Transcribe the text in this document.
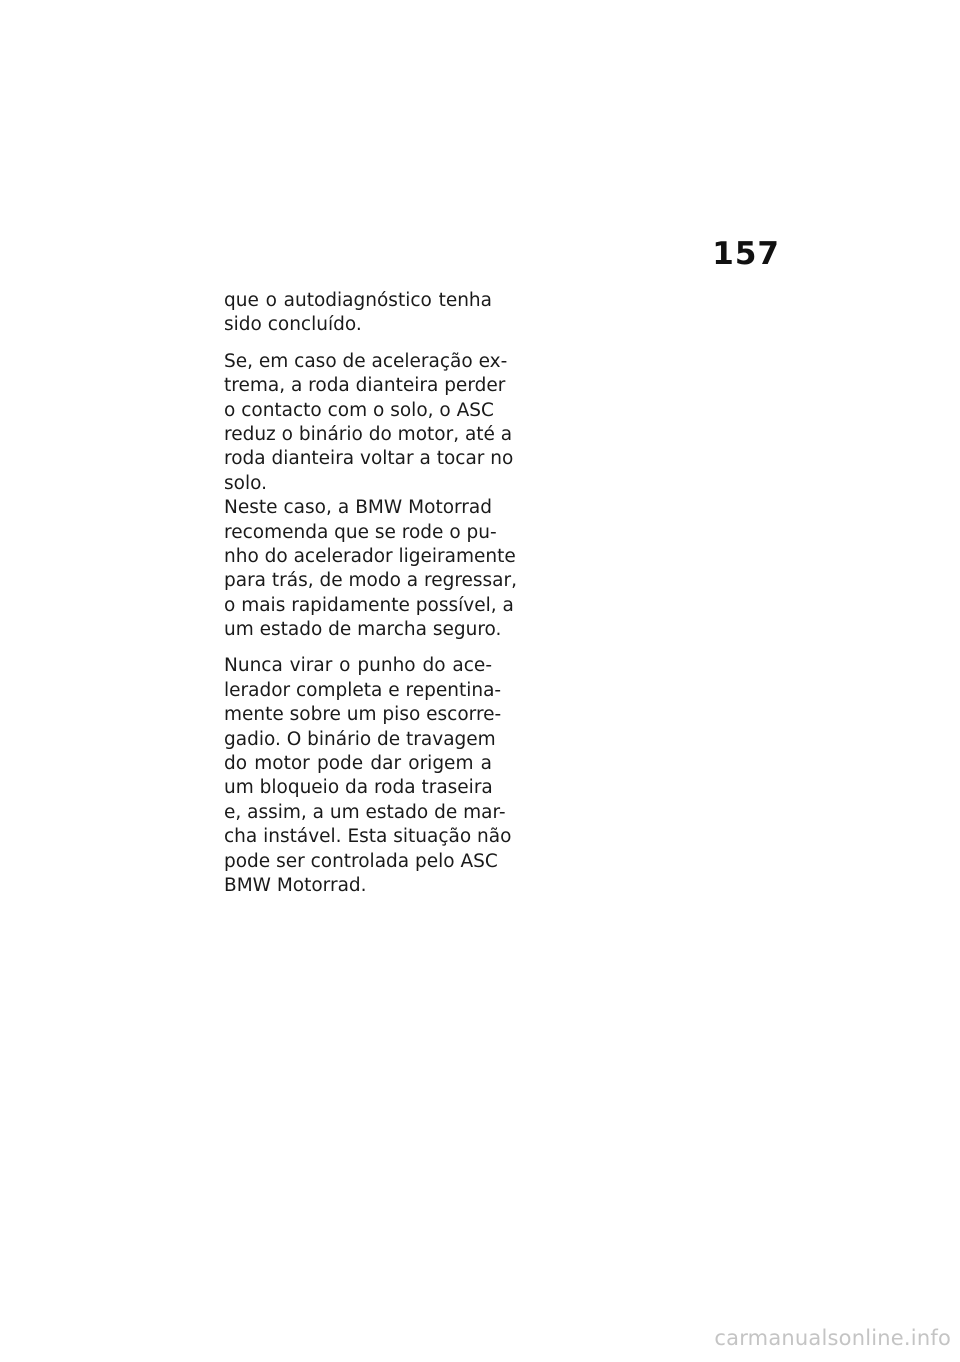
157
que o autodiagnóstico tenha
sido concluído.
Se, em caso de aceleração ex-
trema, a roda dianteira perder
o contacto com o solo, o ASC
reduz o binário do motor, até a
roda dianteira voltar a tocar no
solo.
Neste caso, a BMW Motorrad
recomenda que se rode o pu-
nho do acelerador ligeiramente
para trás, de modo a regressar,
o mais rapidamente possível, a
um estado de marcha seguro.
Nunca virar o punho do ace-
lerador completa e repentina-
mente sobre um piso escorre-
gadio. O binário de travagem
do motor pode dar origem a
um bloqueio da roda traseira
e, assim, a um estado de mar-
cha instável. Esta situação não
pode ser controlada pelo ASC
BMW Motorrad.
carmanualsonline.info
